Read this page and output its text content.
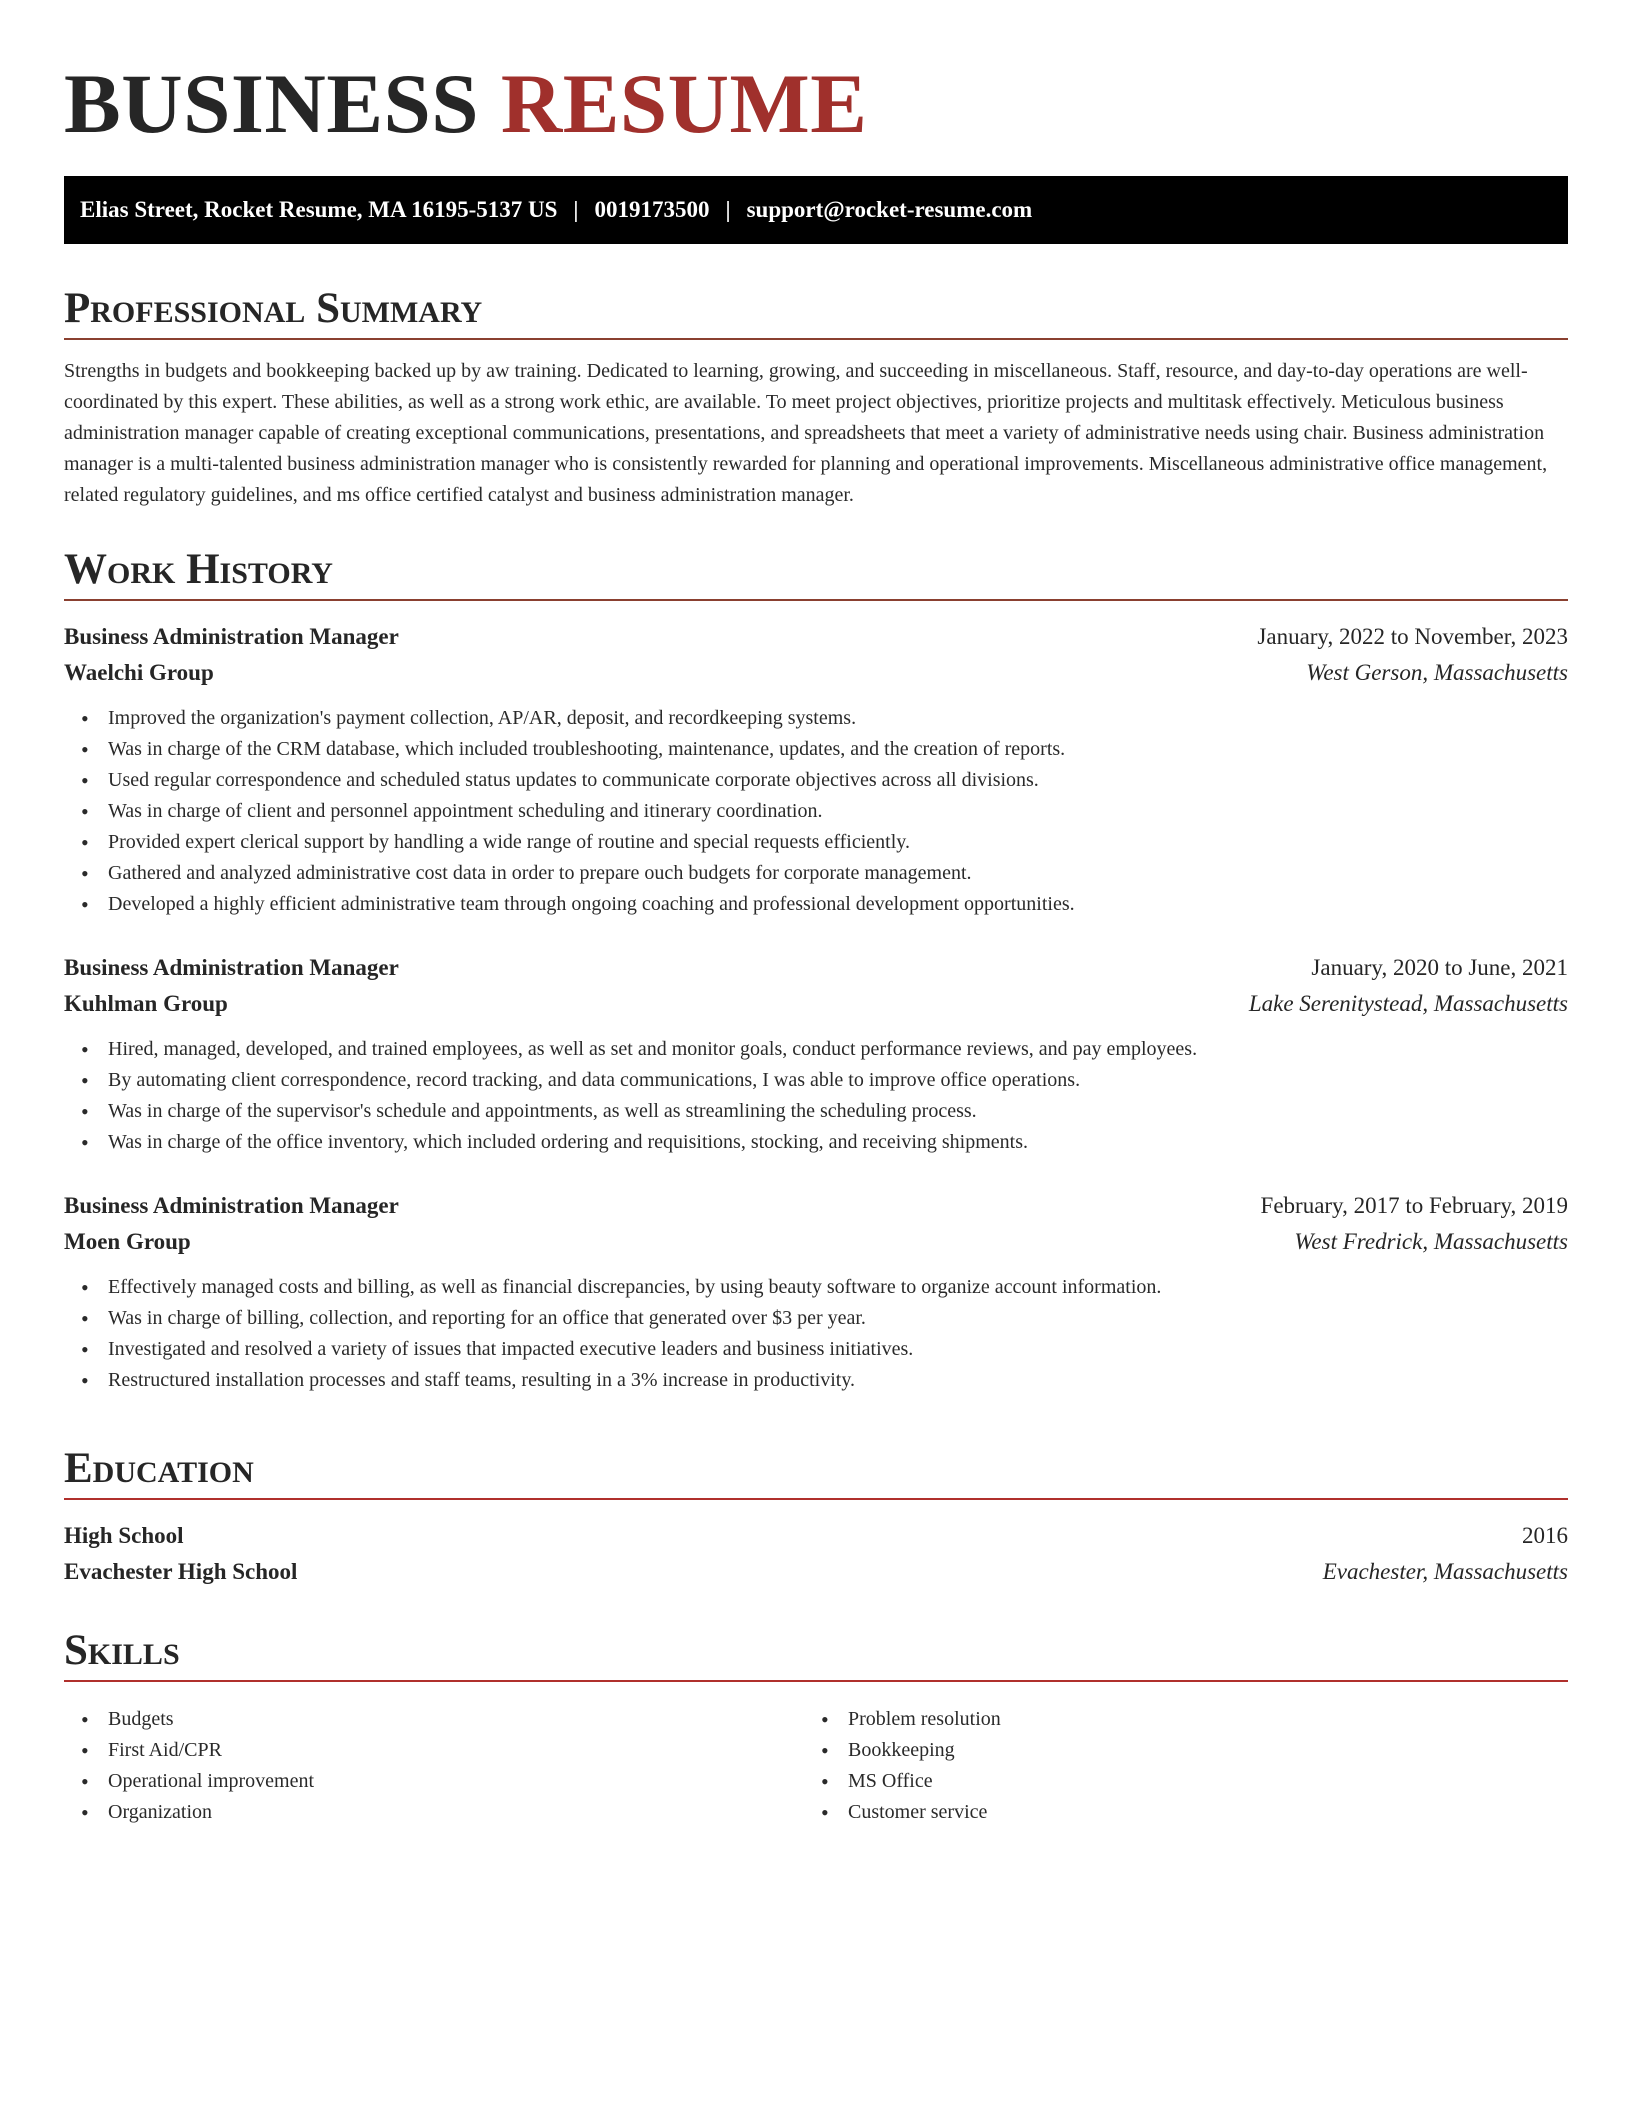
BUSINESS RESUME
Elias Street, Rocket Resume, MA 16195-5137 US | 0019173500 | support@rocket-resume.com
Professional Summary

Strengths in budgets and bookkeeping backed up by aw training. Dedicated to learning, growing, and succeeding in miscellaneous. Staff, resource, and day-to-day operations are well-coordinated by this expert. These abilities, as well as a strong work ethic, are available. To meet project objectives, prioritize projects and multitask effectively. Meticulous business administration manager capable of creating exceptional communications, presentations, and spreadsheets that meet a variety of administrative needs using chair. Business administration manager is a multi-talented business administration manager who is consistently rewarded for planning and operational improvements. Miscellaneous administrative office management, related regulatory guidelines, and ms office certified catalyst and business administration manager.

Work History
Business Administration Manager	January, 2022 to November, 2023
Waelchi Group	West Gerson, Massachusetts
• Improved the organization's payment collection, AP/AR, deposit, and recordkeeping systems.
• Was in charge of the CRM database, which included troubleshooting, maintenance, updates, and the creation of reports.
• Used regular correspondence and scheduled status updates to communicate corporate objectives across all divisions.
• Was in charge of client and personnel appointment scheduling and itinerary coordination.
• Provided expert clerical support by handling a wide range of routine and special requests efficiently.
• Gathered and analyzed administrative cost data in order to prepare ouch budgets for corporate management.
• Developed a highly efficient administrative team through ongoing coaching and professional development opportunities.
Business Administration Manager	January, 2020 to June, 2021
Kuhlman Group	Lake Serenitystead, Massachusetts
• Hired, managed, developed, and trained employees, as well as set and monitor goals, conduct performance reviews, and pay employees.
• By automating client correspondence, record tracking, and data communications, I was able to improve office operations.
• Was in charge of the supervisor's schedule and appointments, as well as streamlining the scheduling process.
• Was in charge of the office inventory, which included ordering and requisitions, stocking, and receiving shipments.
Business Administration Manager	February, 2017 to February, 2019
Moen Group	West Fredrick, Massachusetts
• Effectively managed costs and billing, as well as financial discrepancies, by using beauty software to organize account information.
• Was in charge of billing, collection, and reporting for an office that generated over $3 per year.
• Investigated and resolved a variety of issues that impacted executive leaders and business initiatives.
• Restructured installation processes and staff teams, resulting in a 3% increase in productivity.
Education
High School	2016
Evachester High School	Evachester, Massachusetts
Skills
• Budgets
• First Aid/CPR
• Operational improvement
• Organization
• Problem resolution
• Bookkeeping
• MS Office
• Customer service
